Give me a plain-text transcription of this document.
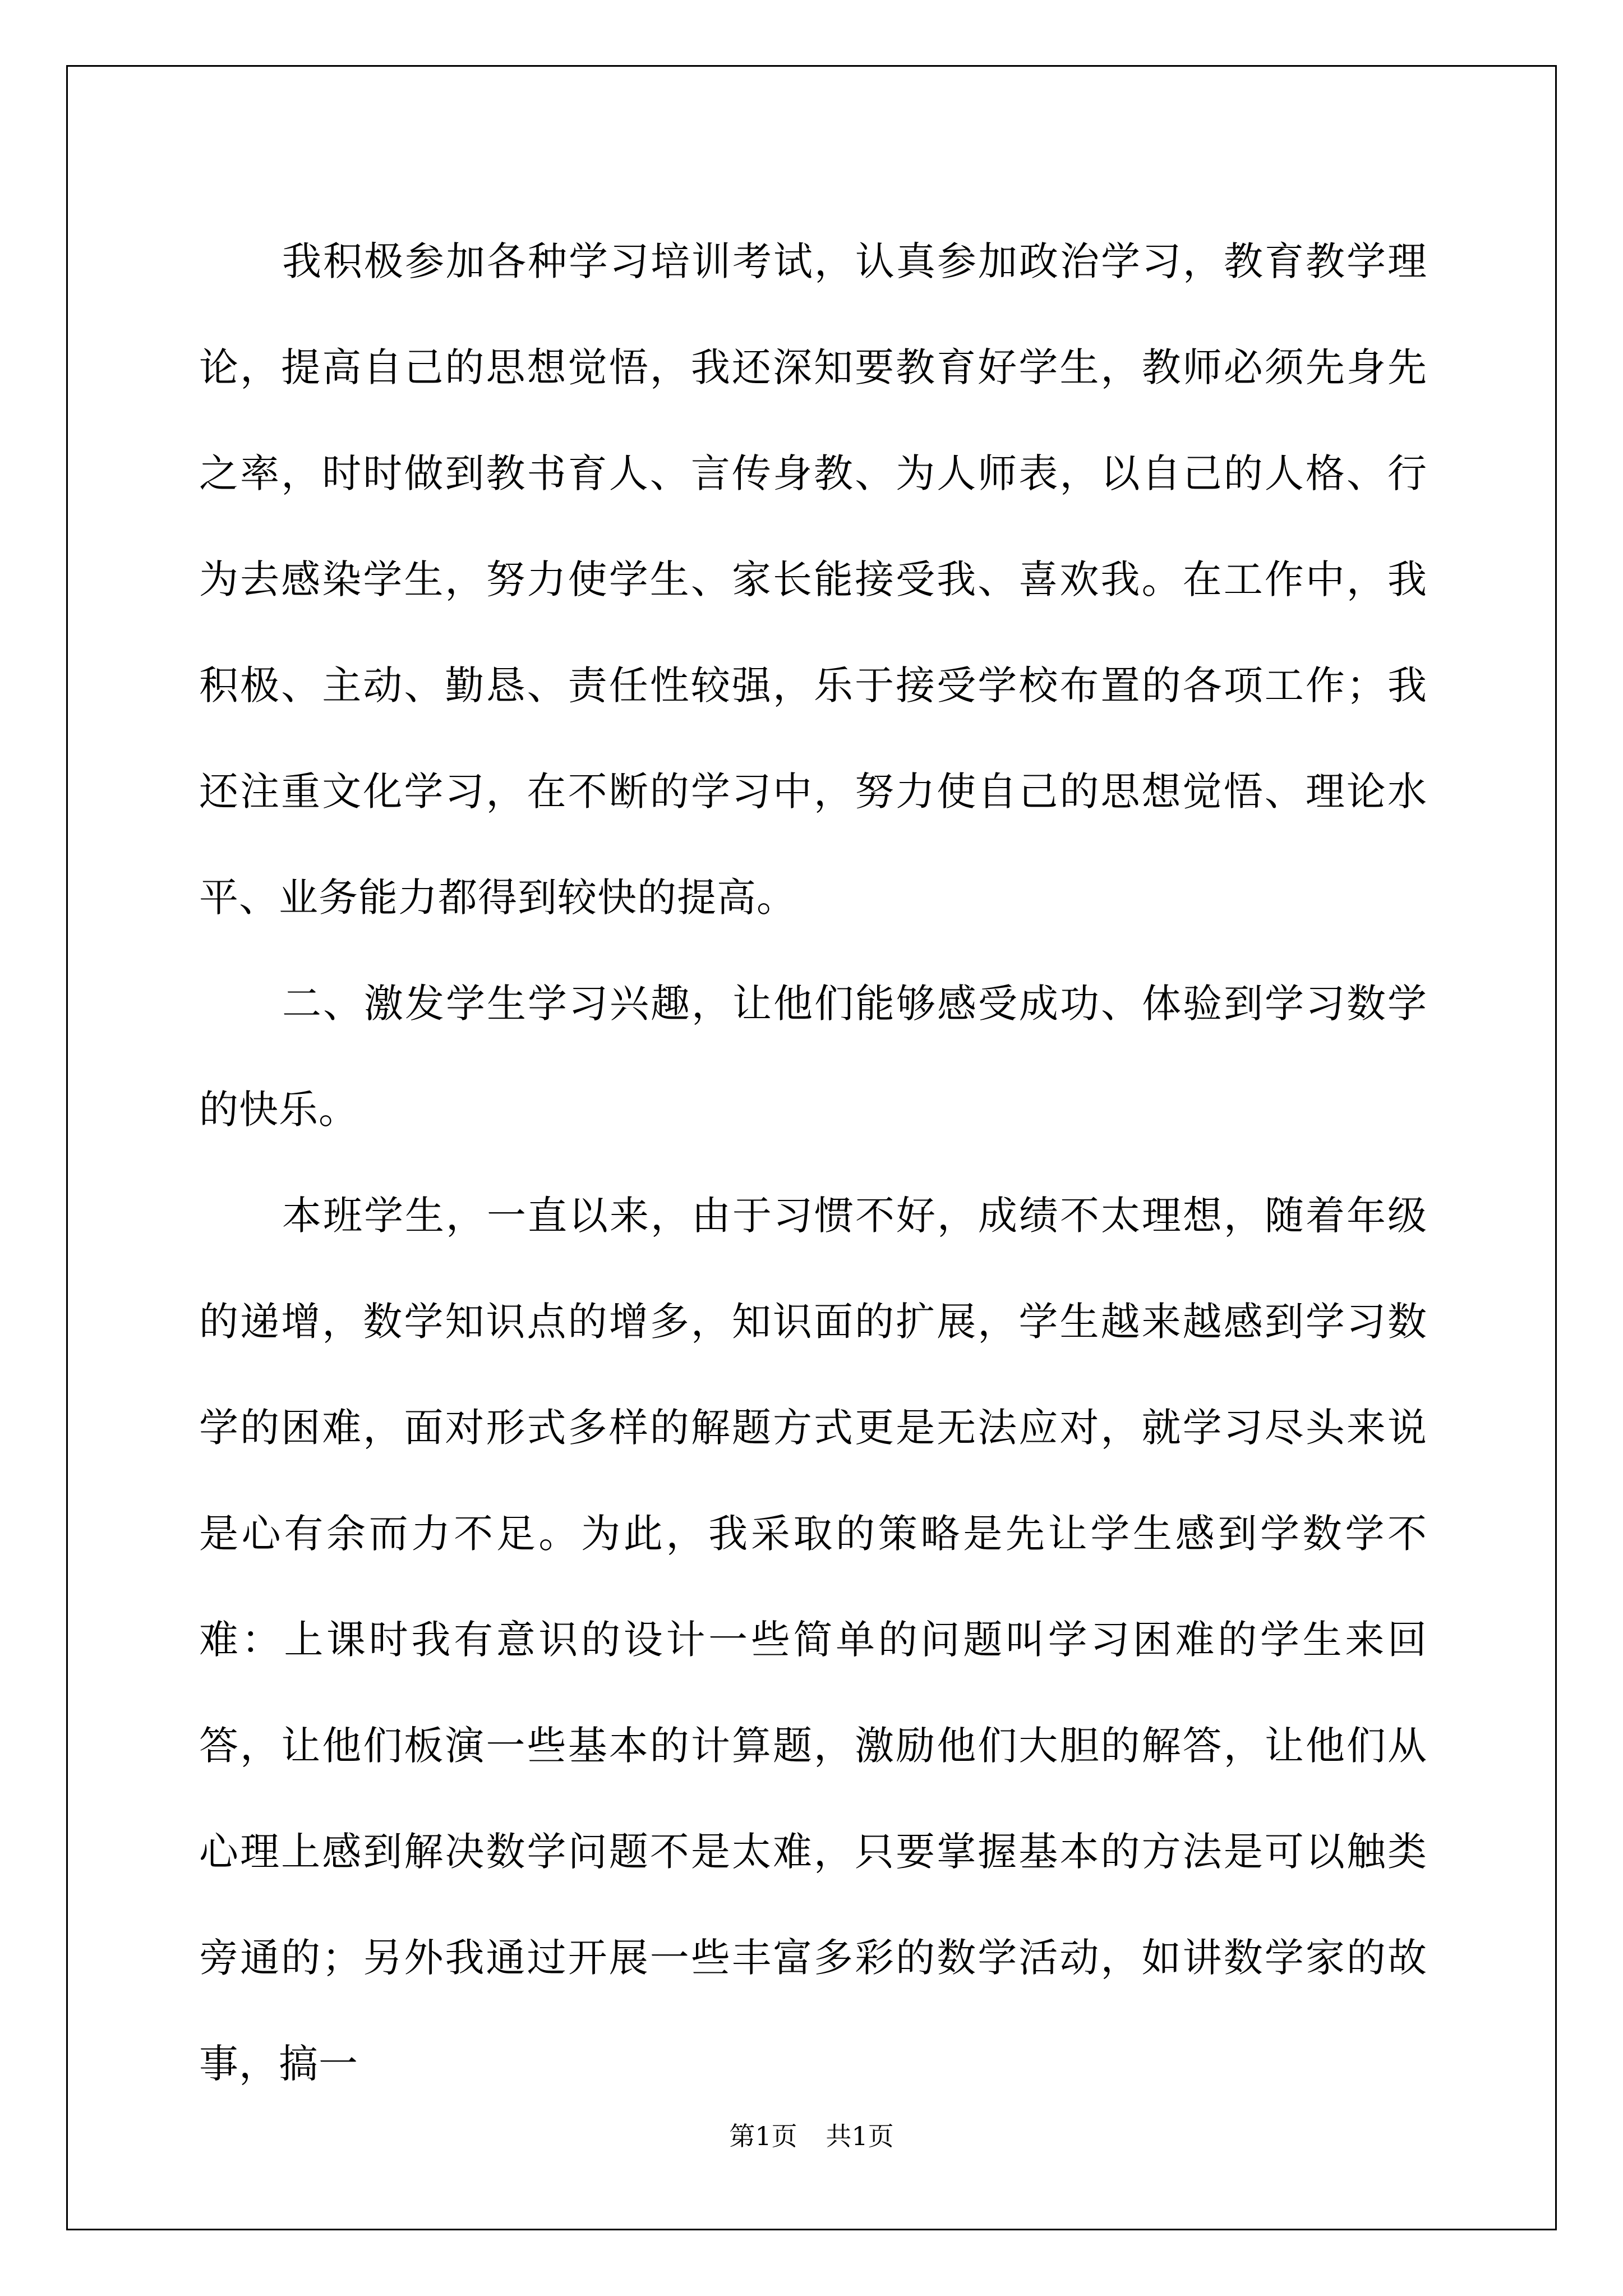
我积极参加各种学习培训考试，认真参加政治学习，教育教学理论，提高自己的思想觉悟，我还深知要教育好学生，教师必须先身先之率，时时做到教书育人、言传身教、为人师表，以自己的人格、行为去感染学生，努力使学生、家长能接受我、喜欢我。在工作中，我积极、主动、勤恳、责任性较强，乐于接受学校布置的各项工作；我还注重文化学习，在不断的学习中，努力使自己的思想觉悟、理论水平、业务能力都得到较快的提高。

二、激发学生学习兴趣，让他们能够感受成功、体验到学习数学的快乐。

本班学生，一直以来，由于习惯不好，成绩不太理想，随着年级的递增，数学知识点的增多，知识面的扩展，学生越来越感到学习数学的困难，面对形式多样的解题方式更是无法应对，就学习尽头来说是心有余而力不足。为此，我采取的策略是先让学生感到学数学不难：上课时我有意识的设计一些简单的问题叫学习困难的学生来回答，让他们板演一些基本的计算题，激励他们大胆的解答，让他们从心理上感到解决数学问题不是太难，只要掌握基本的方法是可以触类旁通的；另外我通过开展一些丰富多彩的数学活动，如讲数学家的故事，搞一

第1页 共1页
